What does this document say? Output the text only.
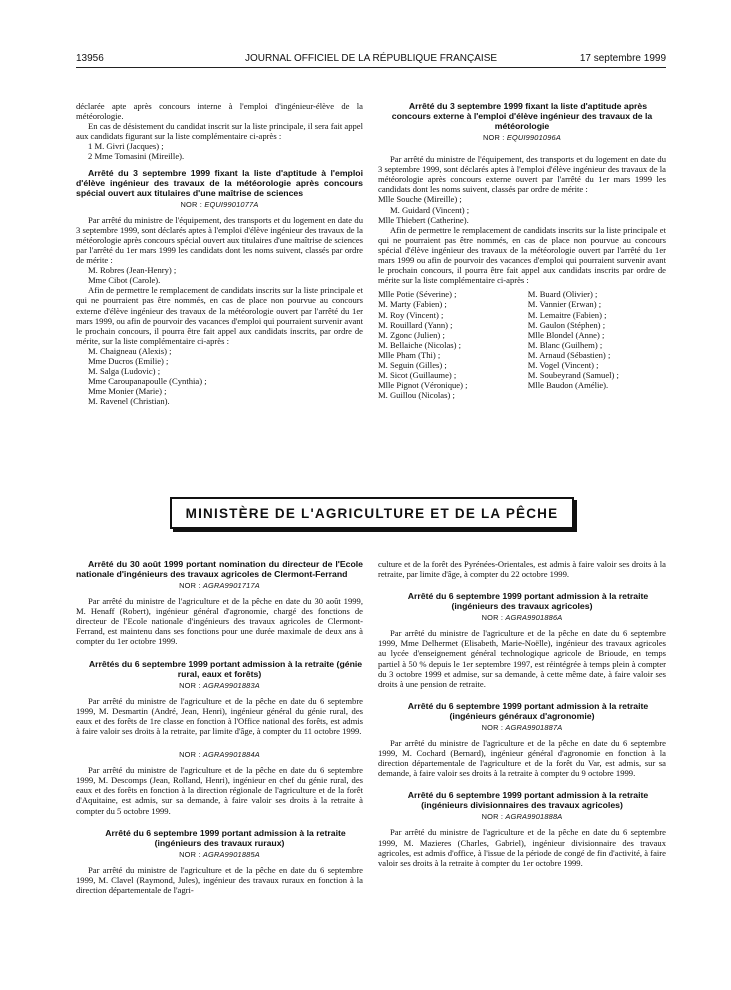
13956	JOURNAL OFFICIEL DE LA RÉPUBLIQUE FRANÇAISE	17 septembre 1999

déclarée apte après concours interne à l'emploi d'ingénieur-élève de la météorologie.

En cas de désistement du candidat inscrit sur la liste principale, il sera fait appel aux candidats figurant sur la liste complémentaire ci-après :

1 M. Givri (Jacques) ;

2 Mme Tomasini (Mireille).

Arrêté du 3 septembre 1999 fixant la liste d'aptitude à l'emploi d'élève ingénieur des travaux de la météorologie après concours spécial ouvert aux titulaires d'une maîtrise de sciences

NOR : EQUI9901077A

Par arrêté du ministre de l'équipement, des transports et du logement en date du 3 septembre 1999, sont déclarés aptes à l'emploi d'élève ingénieur des travaux de la météorologie après concours spécial ouvert aux titulaires d'une maîtrise de sciences par l'arrêté du 1er mars 1999 les candidats dont les noms suivent, classés par ordre de mérite :

M. Robres (Jean-Henry) ;

Mme Cibot (Carole).

Afin de permettre le remplacement de candidats inscrits sur la liste principale et qui ne pourraient pas être nommés, en cas de place non pourvue au concours externe d'élève ingénieur des travaux de la météorologie ouvert par l'arrêté du 1er mars 1999, ou afin de pourvoir des vacances d'emploi qui pourraient survenir avant le prochain concours, il pourra être fait appel aux candidats inscrits, par ordre de mérite, sur la liste complémentaire ci-après :

M. Chaigneau (Alexis) ;

Mme Ducros (Emilie) ;

M. Salga (Ludovic) ;

Mme Caroupanapoulle (Cynthia) ;

Mme Monier (Marie) ;

M. Ravenel (Christian).

Arrêté du 3 septembre 1999 fixant la liste d'aptitude après concours externe à l'emploi d'élève ingénieur des travaux de la météorologie

NOR : EQUI9901096A

Par arrêté du ministre de l'équipement, des transports et du logement en date du 3 septembre 1999, sont déclarés aptes à l'emploi d'élève ingénieur des travaux de la météorologie après concours externe ouvert par l'arrêté du 1er mars 1999 les candidats dont les noms suivent, classés par ordre de mérite :

Mlle Souche (Mireille) ;

M. Guidard (Vincent) ;

Mlle Thiebert (Catherine).

Afin de permettre le remplacement de candidats inscrits sur la liste principale et qui ne pourraient pas être nommés, en cas de place non pourvue au concours spécial d'élève ingénieur des travaux de la météorologie ouvert par l'arrêté du 1er mars 1999 ou afin de pourvoir des vacances d'emploi qui pourraient survenir avant le prochain concours, il pourra être fait appel aux candidats inscrits par ordre de mérite sur la liste complémentaire ci-après :

Mlle Potie (Séverine) ;
M. Marty (Fabien) ;
M. Roy (Vincent) ;
M. Rouillard (Yann) ;
M. Zgonc (Julien) ;
M. Bellaiche (Nicolas) ;
Mlle Pham (Thi) ;
M. Seguin (Gilles) ;
M. Sicot (Guillaume) ;
Mlle Pignot (Véronique) ;
M. Guillou (Nicolas) ;

M. Buard (Olivier) ;
M. Vannier (Erwan) ;
M. Lemaitre (Fabien) ;
M. Gaulon (Stéphen) ;
Mlle Blondel (Anne) ;
M. Blanc (Guilhem) ;
M. Arnaud (Sébastien) ;
M. Vogel (Vincent) ;
M. Soubeyrand (Samuel) ;
Mlle Baudon (Amélie).
MINISTÈRE DE L'AGRICULTURE ET DE LA PÊCHE

Arrêté du 30 août 1999 portant nomination du directeur de l'Ecole nationale d'ingénieurs des travaux agricoles de Clermont-Ferrand

NOR : AGRA9901717A

Par arrêté du ministre de l'agriculture et de la pêche en date du 30 août 1999, M. Henaff (Robert), ingénieur général d'agronomie, chargé des fonctions de directeur de l'Ecole nationale d'ingénieurs des travaux agricoles de Clermont-Ferrand, est maintenu dans ses fonctions pour une durée maximale de deux ans à compter du 1er octobre 1999.

Arrêtés du 6 septembre 1999 portant admission à la retraite (génie rural, eaux et forêts)

NOR : AGRA9901883A

Par arrêté du ministre de l'agriculture et de la pêche en date du 6 septembre 1999, M. Desmartin (André, Jean, Henri), ingénieur général du génie rural, des eaux et des forêts de 1re classe en fonction à l'Office national des forêts, est admis à faire valoir ses droits à la retraite, par limite d'âge, à compter du 11 octobre 1999.

NOR : AGRA9901884A

Par arrêté du ministre de l'agriculture et de la pêche en date du 6 septembre 1999, M. Descomps (Jean, Rolland, Henri), ingénieur en chef du génie rural, des eaux et des forêts en fonction à la direction régionale de l'agriculture et de la forêt d'Aquitaine, est admis, sur sa demande, à faire valoir ses droits à la retraite à compter du 5 octobre 1999.

Arrêté du 6 septembre 1999 portant admission à la retraite (ingénieurs des travaux ruraux)

NOR : AGRA9901885A

Par arrêté du ministre de l'agriculture et de la pêche en date du 6 septembre 1999, M. Clavel (Raymond, Jules), ingénieur des travaux ruraux en fonction à la direction départementale de l'agri-

culture et de la forêt des Pyrénées-Orientales, est admis à faire valoir ses droits à la retraite, par limite d'âge, à compter du 22 octobre 1999.

Arrêté du 6 septembre 1999 portant admission à la retraite (ingénieurs des travaux agricoles)

NOR : AGRA9901886A

Par arrêté du ministre de l'agriculture et de la pêche en date du 6 septembre 1999, Mme Delhermet (Elisabeth, Marie-Noëlle), ingénieur des travaux agricoles au lycée d'enseignement général technologique agricole de Brioude, en temps partiel à 50 % depuis le 1er septembre 1997, est réintégrée à temps plein à compter du 3 octobre 1999 et admise, sur sa demande, à cette même date, à faire valoir ses droits à une pension de retraite.

Arrêté du 6 septembre 1999 portant admission à la retraite (ingénieurs généraux d'agronomie)

NOR : AGRA9901887A

Par arrêté du ministre de l'agriculture et de la pêche en date du 6 septembre 1999, M. Cochard (Bernard), ingénieur général d'agronomie en fonction à la direction départementale de l'agriculture et de la forêt du Var, est admis, sur sa demande, à faire valoir ses droits à la retraite à compter du 9 octobre 1999.

Arrêté du 6 septembre 1999 portant admission à la retraite (ingénieurs divisionnaires des travaux agricoles)

NOR : AGRA9901888A

Par arrêté du ministre de l'agriculture et de la pêche en date du 6 septembre 1999, M. Mazieres (Charles, Gabriel), ingénieur divisionnaire des travaux agricoles, est admis d'office, à l'issue de la période de congé de fin d'activité, à faire valoir ses droits à la retraite à compter du 1er octobre 1999.
